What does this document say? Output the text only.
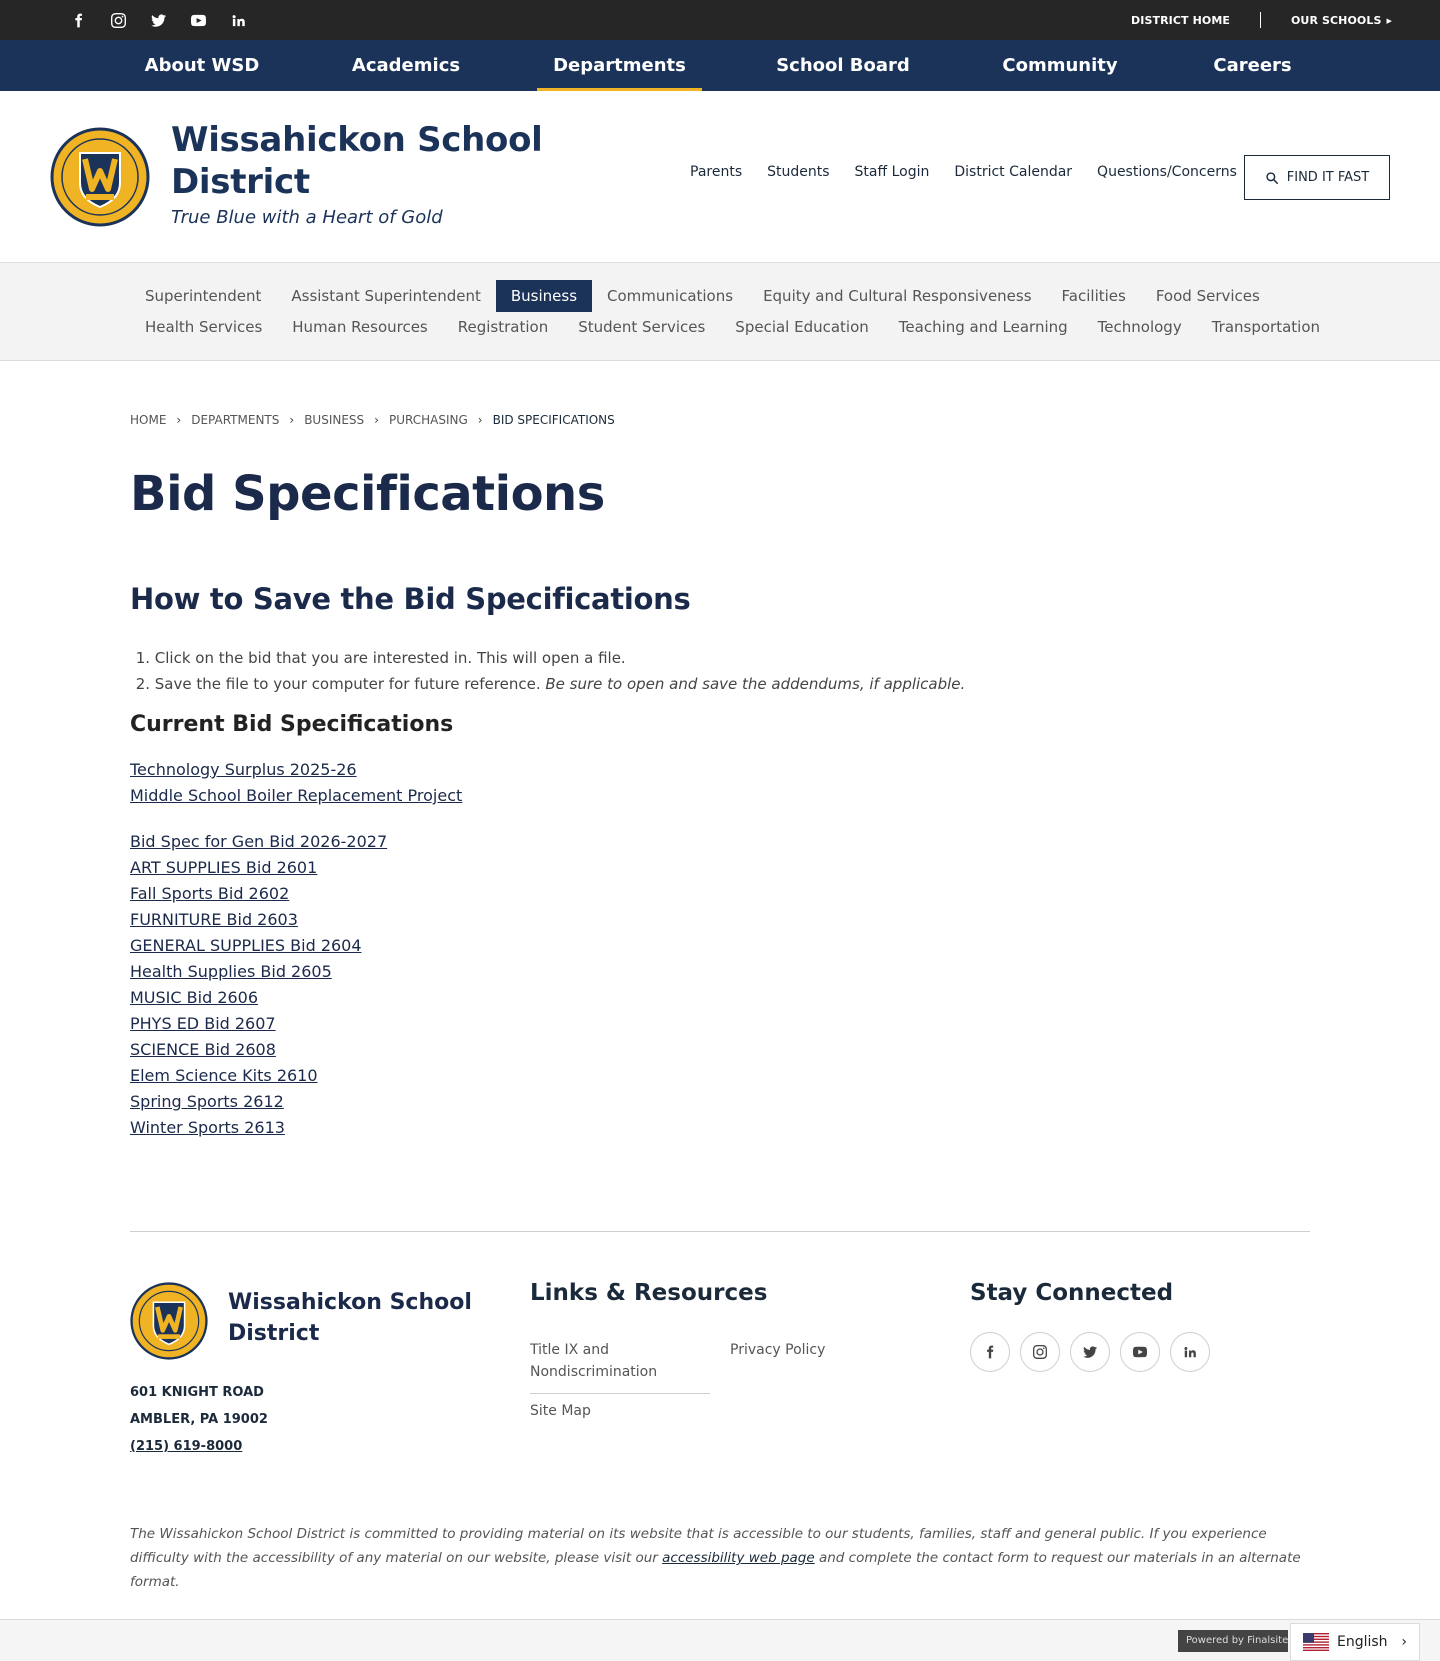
DISTRICT HOME	OUR SCHOOLS ▶
About WSD	Academics	Departments	School Board	Community	Careers
Wissahickon School District
True Blue with a Heart of Gold
Parents Students Staff Login District Calendar Questions/Concerns	FIND IT FAST
Superintendent	Assistant Superintendent	Business	Communications	Equity and Cultural Responsiveness	Facilities	Food Services
Health Services	Human Resources	Registration	Student Services	Special Education	Teaching and Learning	Technology	Transportation
HOME › DEPARTMENTS › BUSINESS › PURCHASING › BID SPECIFICATIONS
Bid Specifications
How to Save the Bid Specifications
1. Click on the bid that you are interested in. This will open a file.
2. Save the file to your computer for future reference. Be sure to open and save the addendums, if applicable.
Current Bid Specifications
Technology Surplus 2025-26
Middle School Boiler Replacement Project
Bid Spec for Gen Bid 2026-2027
ART SUPPLIES Bid 2601
Fall Sports Bid 2602
FURNITURE Bid 2603
GENERAL SUPPLIES Bid 2604
Health Supplies Bid 2605
MUSIC Bid 2606
PHYS ED Bid 2607
SCIENCE Bid 2608
Elem Science Kits 2610
Spring Sports 2612
Winter Sports 2613
Wissahickon School District
601 KNIGHT ROAD
AMBLER, PA 19002
(215) 619-8000
Links & Resources
Title IX and Nondiscrimination
Privacy Policy
Site Map
Stay Connected

The Wissahickon School District is committed to providing material on its website that is accessible to our students, families, staff and general public. If you experience difficulty with the accessibility of any material on our website, please visit our accessibility web page and complete the contact form to request our materials in an alternate format.

Powered by Finalsite	English ›
